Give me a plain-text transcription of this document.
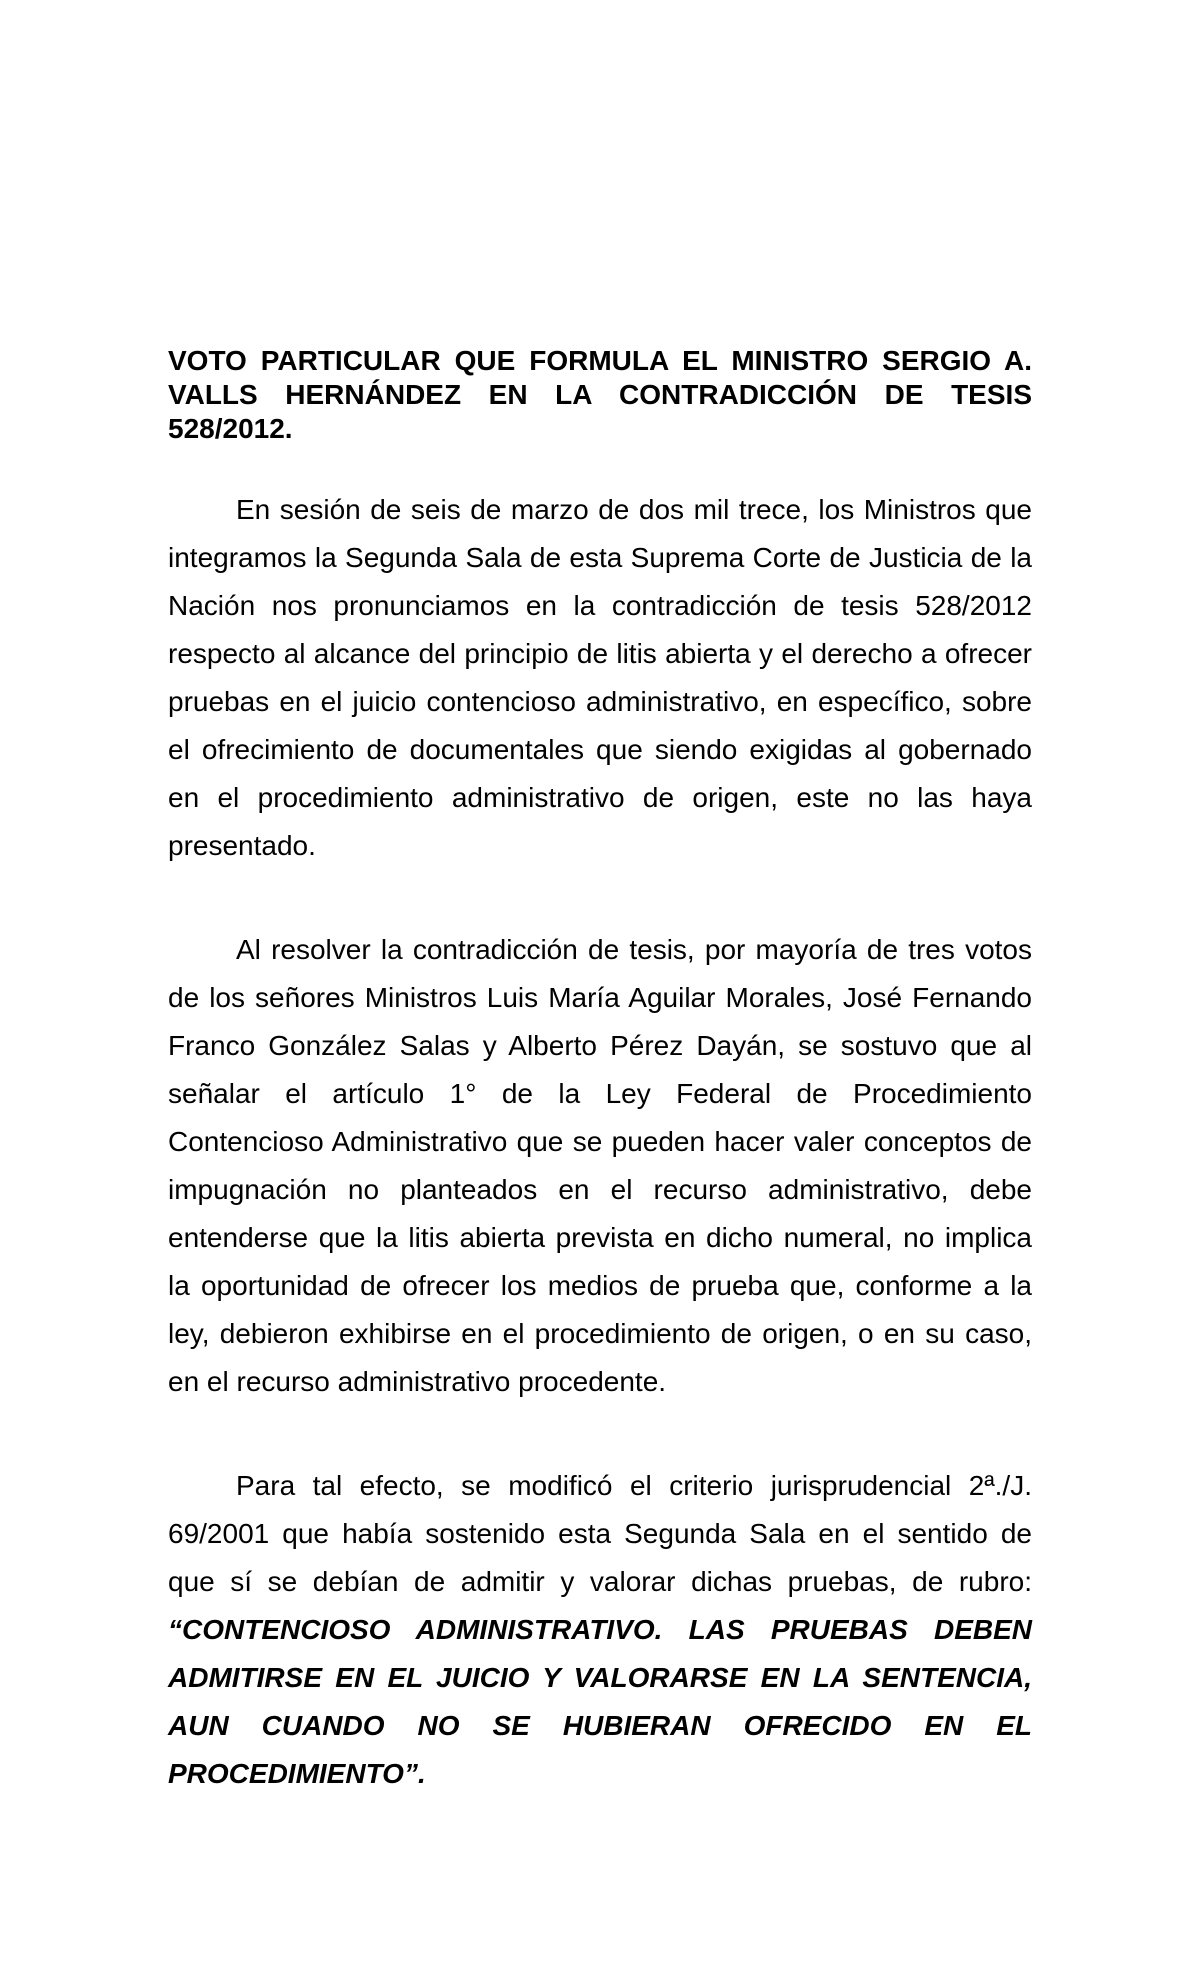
VOTO PARTICULAR QUE FORMULA EL MINISTRO SERGIO A.
VALLS HERNÁNDEZ EN LA CONTRADICCIÓN DE TESIS 528/2012.

En sesión de seis de marzo de dos mil trece, los Ministros que integramos la Segunda Sala de esta Suprema Corte de Justicia de la Nación nos pronunciamos en la contradicción de tesis 528/2012 respecto al alcance del principio de litis abierta y el derecho a ofrecer pruebas en el juicio contencioso administrativo, en específico, sobre el ofrecimiento de documentales que siendo exigidas al gobernado en el procedimiento administrativo de origen, este no las haya presentado.

Al resolver la contradicción de tesis, por mayoría de tres votos de los señores Ministros Luis María Aguilar Morales, José Fernando Franco González Salas y Alberto Pérez Dayán, se sostuvo que al señalar el artículo 1° de la Ley Federal de Procedimiento Contencioso Administrativo que se pueden hacer valer conceptos de impugnación no planteados en el recurso administrativo, debe entenderse que la litis abierta prevista en dicho numeral, no implica la oportunidad de ofrecer los medios de prueba que, conforme a la ley, debieron exhibirse en el procedimiento de origen, o en su caso, en el recurso administrativo procedente.

Para tal efecto, se modificó el criterio jurisprudencial 2ª./J. 69/2001 que había sostenido esta Segunda Sala en el sentido de que sí se debían de admitir y valorar dichas pruebas, de rubro: “CONTENCIOSO ADMINISTRATIVO. LAS PRUEBAS DEBEN ADMITIRSE EN EL JUICIO Y VALORARSE EN LA SENTENCIA, AUN CUANDO NO SE HUBIERAN OFRECIDO EN EL PROCEDIMIENTO”.
